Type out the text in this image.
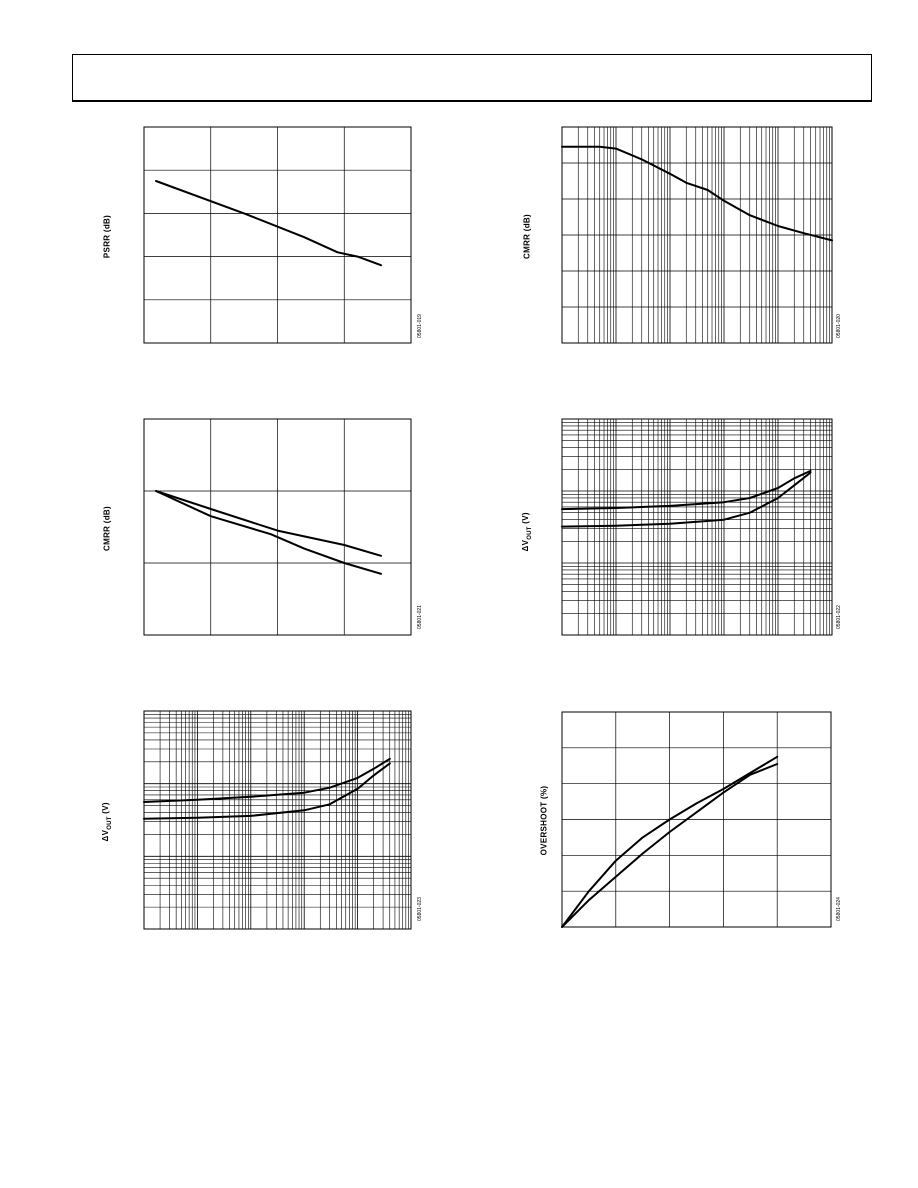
PSRR (dB)
05801-019
CMRR (dB)
05801-020
CMRR (dB)
05801-021
$\Delta V_{OUT}$ (V)
05801-022
$\Delta V_{OUT}$ (V)
05801-023
OVERSHOOT (%)
05801-024
